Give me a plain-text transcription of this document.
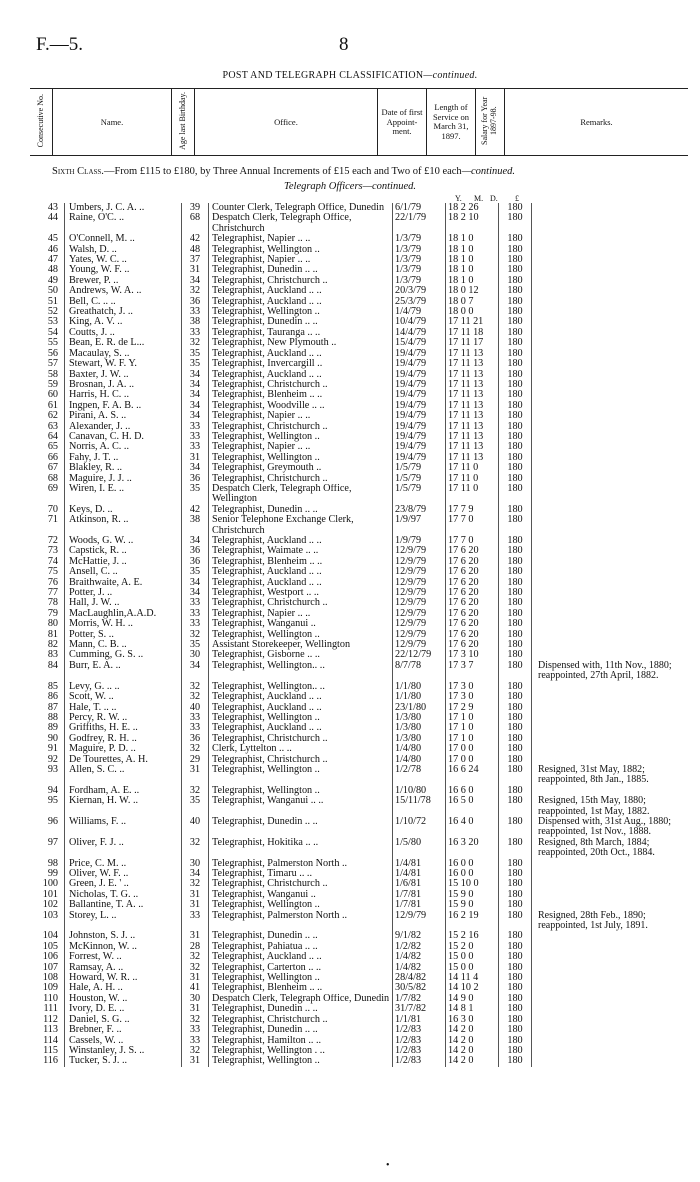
F.—5.	8
POST AND TELEGRAPH CLASSIFICATION—continued.
Consecutive No.	Name.	Age last Birthday.	Office.	Date of first Appoint-ment.	Length of Service on March 31, 1897.	Salary for Year 1897-98.	Remarks.
Sixth Class.—From £115 to £180, by Three Annual Increments of £15 each and Two of £10 each—continued.
Telegraph Officers—continued.
Y. M. D. £
43	Umbers, J. C. A. ..	39	Counter Clerk, Telegraph Office, Dunedin	6/1/79	18 2 26	180	
44	Raine, O'C. ..	68	Despatch Clerk, Telegraph Office, Christchurch	22/1/79	18 2 10	180	
45	O'Connell, M. ..	42	Telegraphist, Napier .. ..	1/3/79	18 1 0	180	
46	Walsh, D. ..	48	Telegraphist, Wellington ..	1/3/79	18 1 0	180	
47	Yates, W. C. ..	37	Telegraphist, Napier .. ..	1/3/79	18 1 0	180	
48	Young, W. F. ..	31	Telegraphist, Dunedin .. ..	1/3/79	18 1 0	180	
49	Brewer, P. ..	34	Telegraphist, Christchurch ..	1/3/79	18 1 0	180	
50	Andrews, W. A. ..	32	Telegraphist, Auckland .. ..	20/3/79	18 0 12	180	
51	Bell, C. .. ..	36	Telegraphist, Auckland .. ..	25/3/79	18 0 7	180	
52	Greathatch, J. ..	33	Telegraphist, Wellington ..	1/4/79	18 0 0	180	
53	King, A. V. ..	38	Telegraphist, Dunedin .. ..	10/4/79	17 11 21	180	
54	Coutts, J. ..	33	Telegraphist, Tauranga .. ..	14/4/79	17 11 18	180	
55	Bean, E. R. de L...	32	Telegraphist, New Plymouth ..	15/4/79	17 11 17	180	
56	Macaulay, S. ..	35	Telegraphist, Auckland .. ..	19/4/79	17 11 13	180	
57	Stewart, W. F. Y.	35	Telegraphist, Invercargill ..	19/4/79	17 11 13	180	
58	Baxter, J. W. ..	34	Telegraphist, Auckland .. ..	19/4/79	17 11 13	180	
59	Brosnan, J. A. ..	34	Telegraphist, Christchurch ..	19/4/79	17 11 13	180	
60	Harris, H. C. ..	34	Telegraphist, Blenheim .. ..	19/4/79	17 11 13	180	
61	Ingpen, F. A. B. ..	34	Telegraphist, Woodville .. ..	19/4/79	17 11 13	180	
62	Pirani, A. S. ..	34	Telegraphist, Napier .. ..	19/4/79	17 11 13	180	
63	Alexander, J. ..	33	Telegraphist, Christchurch ..	19/4/79	17 11 13	180	
64	Canavan, C. H. D.	33	Telegraphist, Wellington ..	19/4/79	17 11 13	180	
65	Norris, A. C. ..	33	Telegraphist, Napier .. ..	19/4/79	17 11 13	180	
66	Fahy, J. T. ..	31	Telegraphist, Wellington ..	19/4/79	17 11 13	180	
67	Blakley, R. ..	34	Telegraphist, Greymouth ..	1/5/79	17 11 0	180	
68	Maguire, J. J. ..	36	Telegraphist, Christchurch ..	1/5/79	17 11 0	180	
69	Wiren, I. E. ..	35	Despatch Clerk, Telegraph Office, Wellington	1/5/79	17 11 0	180	
70	Keys, D. ..	42	Telegraphist, Dunedin .. ..	23/8/79	17 7 9	180	
71	Atkinson, R. ..	38	Senior Telephone Exchange Clerk, Christchurch	1/9/97	17 7 0	180	
72	Woods, G. W. ..	34	Telegraphist, Auckland .. ..	1/9/79	17 7 0	180	
73	Capstick, R. ..	36	Telegraphist, Waimate .. ..	12/9/79	17 6 20	180	
74	McHattie, J. ..	36	Telegraphist, Blenheim .. ..	12/9/79	17 6 20	180	
75	Ansell, C. ..	35	Telegraphist, Auckland .. ..	12/9/79	17 6 20	180	
76	Braithwaite, A. E.	34	Telegraphist, Auckland .. ..	12/9/79	17 6 20	180	
77	Potter, J. ..	34	Telegraphist, Westport .. ..	12/9/79	17 6 20	180	
78	Hall, J. W. ..	33	Telegraphist, Christchurch ..	12/9/79	17 6 20	180	
79	MacLaughlin,A.A.D.	33	Telegraphist, Napier .. ..	12/9/79	17 6 20	180	
80	Morris, W. H. ..	33	Telegraphist, Wanganui ..	12/9/79	17 6 20	180	
81	Potter, S. ..	32	Telegraphist, Wellington ..	12/9/79	17 6 20	180	
82	Mann, C. B. ..	35	Assistant Storekeeper, Wellington	12/9/79	17 6 20	180	
83	Cumming, G. S. ..	30	Telegraphist, Gisborne .. ..	22/12/79	17 3 10	180	
84	Burr, E. A. ..	34	Telegraphist, Wellington.. ..	8/7/78	17 3 7	180	Dispensed with, 11th Nov., 1880; reappointed, 27th April, 1882.
85	Levy, G. .. ..	32	Telegraphist, Wellington.. ..	1/1/80	17 3 0	180	
86	Scott, W. ..	32	Telegraphist, Auckland .. ..	1/1/80	17 3 0	180	
87	Hale, T. .. ..	40	Telegraphist, Auckland .. ..	23/1/80	17 2 9	180	
88	Percy, R. W. ..	33	Telegraphist, Wellington ..	1/3/80	17 1 0	180	
89	Griffiths, H. E. ..	33	Telegraphist, Auckland .. ..	1/3/80	17 1 0	180	
90	Godfrey, R. H. ..	36	Telegraphist, Christchurch ..	1/3/80	17 1 0	180	
91	Maguire, P. D. ..	32	Clerk, Lyttelton .. ..	1/4/80	17 0 0	180	
92	De Tourettes, A. H.	29	Telegraphist, Christchurch ..	1/4/80	17 0 0	180	
93	Allen, S. C. ..	31	Telegraphist, Wellington ..	1/2/78	16 6 24	180	Resigned, 31st May, 1882; reappointed, 8th Jan., 1885.
94	Fordham, A. E. ..	32	Telegraphist, Wellington ..	1/10/80	16 6 0	180	
95	Kiernan, H. W. ..	35	Telegraphist, Wanganui .. ..	15/11/78	16 5 0	180	Resigned, 15th May, 1880; reappointed, 1st May, 1882.
96	Williams, F. ..	40	Telegraphist, Dunedin .. ..	1/10/72	16 4 0	180	Dispensed with, 31st Aug., 1880; reappointed, 1st Nov., 1888.
97	Oliver, F. J. ..	32	Telegraphist, Hokitika .. ..	1/5/80	16 3 20	180	Resigned, 8th March, 1884; reappointed, 20th Oct., 1884.
98	Price, C. M. ..	30	Telegraphist, Palmerston North ..	1/4/81	16 0 0	180	
99	Oliver, W. F. ..	34	Telegraphist, Timaru .. ..	1/4/81	16 0 0	180	
100	Green, J. E. ' ..	32	Telegraphist, Christchurch ..	1/6/81	15 10 0	180	
101	Nicholas, T. G. ..	31	Telegraphist, Wanganui ..	1/7/81	15 9 0	180	
102	Ballantine, T. A. ..	31	Telegraphist, Wellington ..	1/7/81	15 9 0	180	
103	Storey, L. ..	33	Telegraphist, Palmerston North ..	12/9/79	16 2 19	180	Resigned, 28th Feb., 1890; reappointed, 1st July, 1891.
104	Johnston, S. J. ..	31	Telegraphist, Dunedin .. ..	9/1/82	15 2 16	180	
105	McKinnon, W. ..	28	Telegraphist, Pahiatua .. ..	1/2/82	15 2 0	180	
106	Forrest, W. ..	32	Telegraphist, Auckland .. ..	1/4/82	15 0 0	180	
107	Ramsay, A. ..	32	Telegraphist, Carterton .. ..	1/4/82	15 0 0	180	
108	Howard, W. R. ..	31	Telegraphist, Wellington ..	28/4/82	14 11 4	180	
109	Hale, A. H. ..	41	Telegraphist, Blenheim .. ..	30/5/82	14 10 2	180	
110	Houston, W. ..	30	Despatch Clerk, Telegraph Office, Dunedin	1/7/82	14 9 0	180	
111	Ivory, D. E. ..	31	Telegraphist, Dunedin .. ..	31/7/82	14 8 1	180	
112	Daniel, S. G. ..	32	Telegraphist, Christchurch ..	1/1/81	16 3 0	180	
113	Brebner, F. ..	33	Telegraphist, Dunedin .. ..	1/2/83	14 2 0	180	
114	Cassels, W. ..	33	Telegraphist, Hamilton .. ..	1/2/83	14 2 0	180	
115	Winstanley, J. S. ..	32	Telegraphist, Wellington . ..	1/2/83	14 2 0	180	
116	Tucker, S. J. ..	31	Telegraphist, Wellington ..	1/2/83	14 2 0	180	
•
